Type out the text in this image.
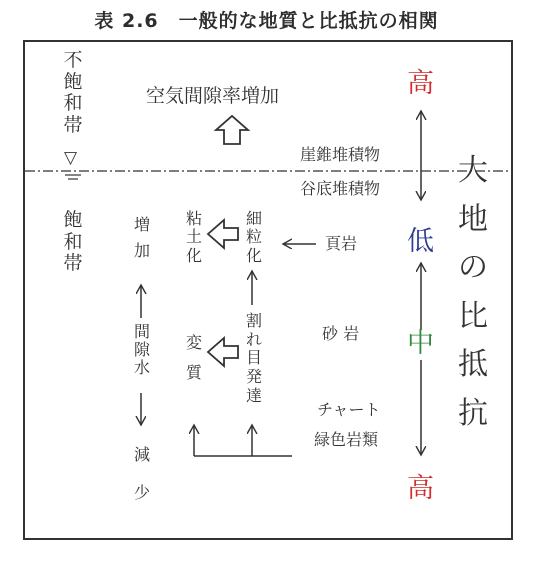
表 2.6　一般的な地質と比抵抗の相関
不飽和帯
▽
飽和帯
空気間隙率増加
崖錐堆積物
谷底堆積物
増加
間隙水
減少
粘土化
変質
細粒化
割れ目発達
頁岩
砂 岩
チャート
緑色岩類
高
低
中
高
大地の比抵抗
